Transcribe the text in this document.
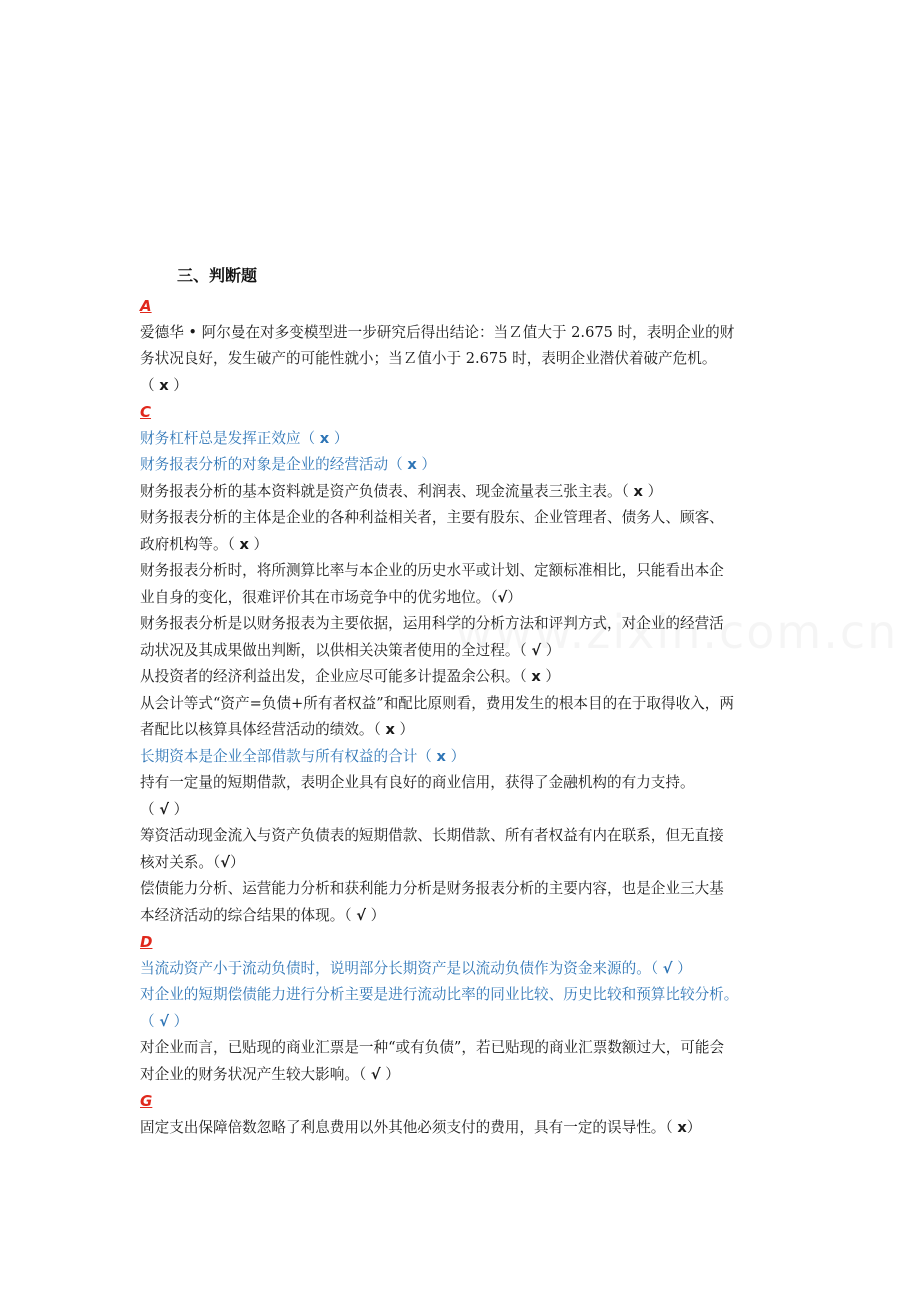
三、判断题
A
爱德华 • 阿尔曼在对多变模型进一步研究后得出结论：当Ｚ值大于 2.675 时，表明企业的财
务状况良好，发生破产的可能性就小；当Ｚ值小于 2.675 时，表明企业潜伏着破产危机。
（ x ）
C
财务杠杆总是发挥正效应（ x ）
财务报表分析的对象是企业的经营活动（ x ）
财务报表分析的基本资料就是资产负债表、利润表、现金流量表三张主表。（ x ）
财务报表分析的主体是企业的各种利益相关者，主要有股东、企业管理者、债务人、顾客、
政府机构等。（ x ）
财务报表分析时，将所测算比率与本企业的历史水平或计划、定额标准相比，只能看出本企
业自身的变化，很难评价其在市场竞争中的优劣地位。（√）
财务报表分析是以财务报表为主要依据，运用科学的分析方法和评判方式，对企业的经营活
动状况及其成果做出判断，以供相关决策者使用的全过程。（ √ ）
从投资者的经济利益出发，企业应尽可能多计提盈余公积。（ x ）
从会计等式“资产=负债+所有者权益”和配比原则看，费用发生的根本目的在于取得收入，两
者配比以核算具体经营活动的绩效。（ x ）
长期资本是企业全部借款与所有权益的合计（ x ）
持有一定量的短期借款，表明企业具有良好的商业信用，获得了金融机构的有力支持。
（ √ ）
筹资活动现金流入与资产负债表的短期借款、长期借款、所有者权益有内在联系，但无直接
核对关系。（√）
偿债能力分析、运营能力分析和获利能力分析是财务报表分析的主要内容，也是企业三大基
本经济活动的综合结果的体现。（ √ ）
D
当流动资产小于流动负债时，说明部分长期资产是以流动负债作为资金来源的。（ √ ）
对企业的短期偿债能力进行分析主要是进行流动比率的同业比较、历史比较和预算比较分析。
（ √ ）
对企业而言，已贴现的商业汇票是一种“或有负债”，若已贴现的商业汇票数额过大，可能会
对企业的财务状况产生较大影响。（ √ ）
G
固定支出保障倍数忽略了利息费用以外其他必须支付的费用，具有一定的误导性。（ x）
